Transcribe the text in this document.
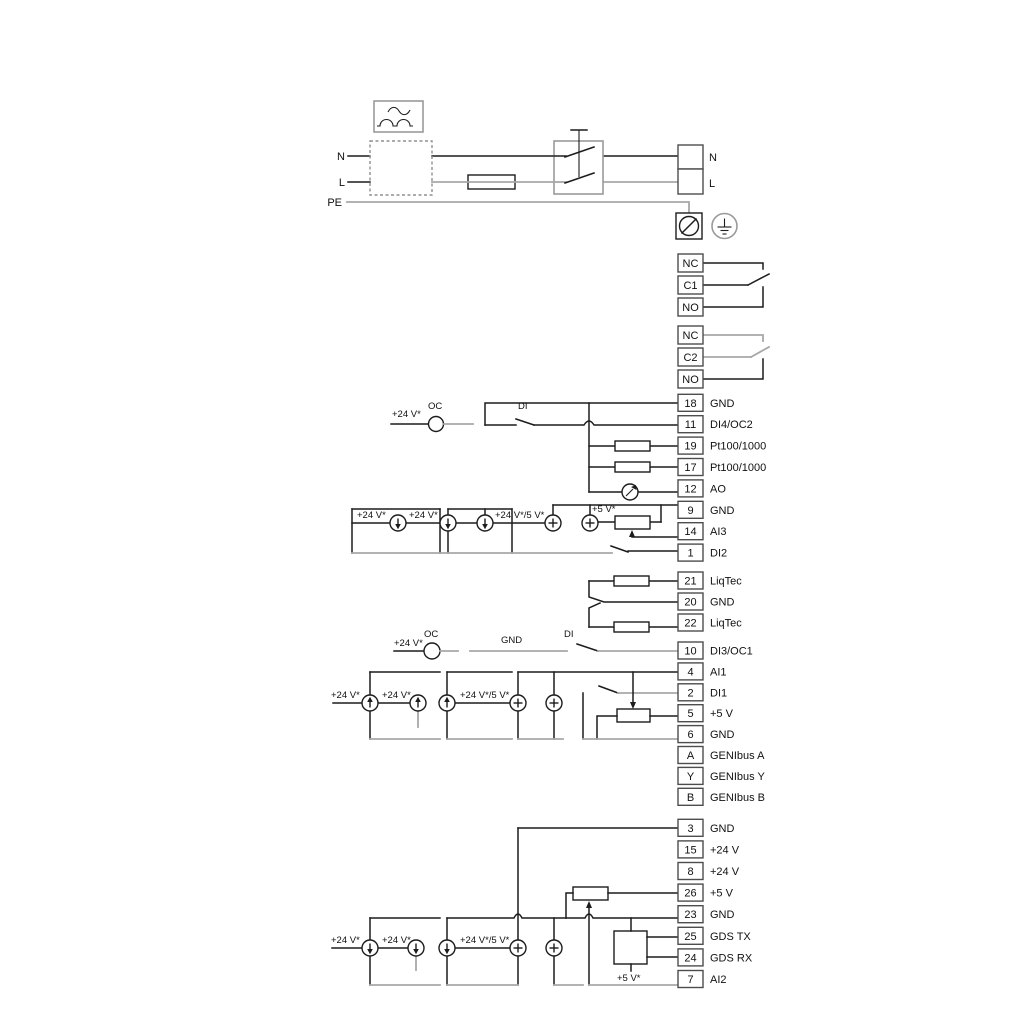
NC
C1
NO
NC
C2
NO
18 GND
11 DI4/OC2
19 Pt100/1000
17 Pt100/1000
12 AO
9 GND
14 AI3
1 DI2
21 LiqTec
20 GND
22 LiqTec
10 DI3/OC1
4 AI1
2 DI1
5 +5 V
6 GND
A GENIbus A
Y GENIbus Y
B GENIbus B
3 GND
15 +24 V
8 +24 V
26 +5 V
23 GND
25 GDS TX
24 GDS RX
7 AI2
N
L
PE
N
L
+24 V*
OC	DI
+24 V* +24 V*	+24 V*/5 V*
+5 V*
+24 V*
OC
GND
DI
+24 V* +24 V*	+24 V*/5 V*
+24 V* +24 V*	+24 V*/5 V*
+5 V*
